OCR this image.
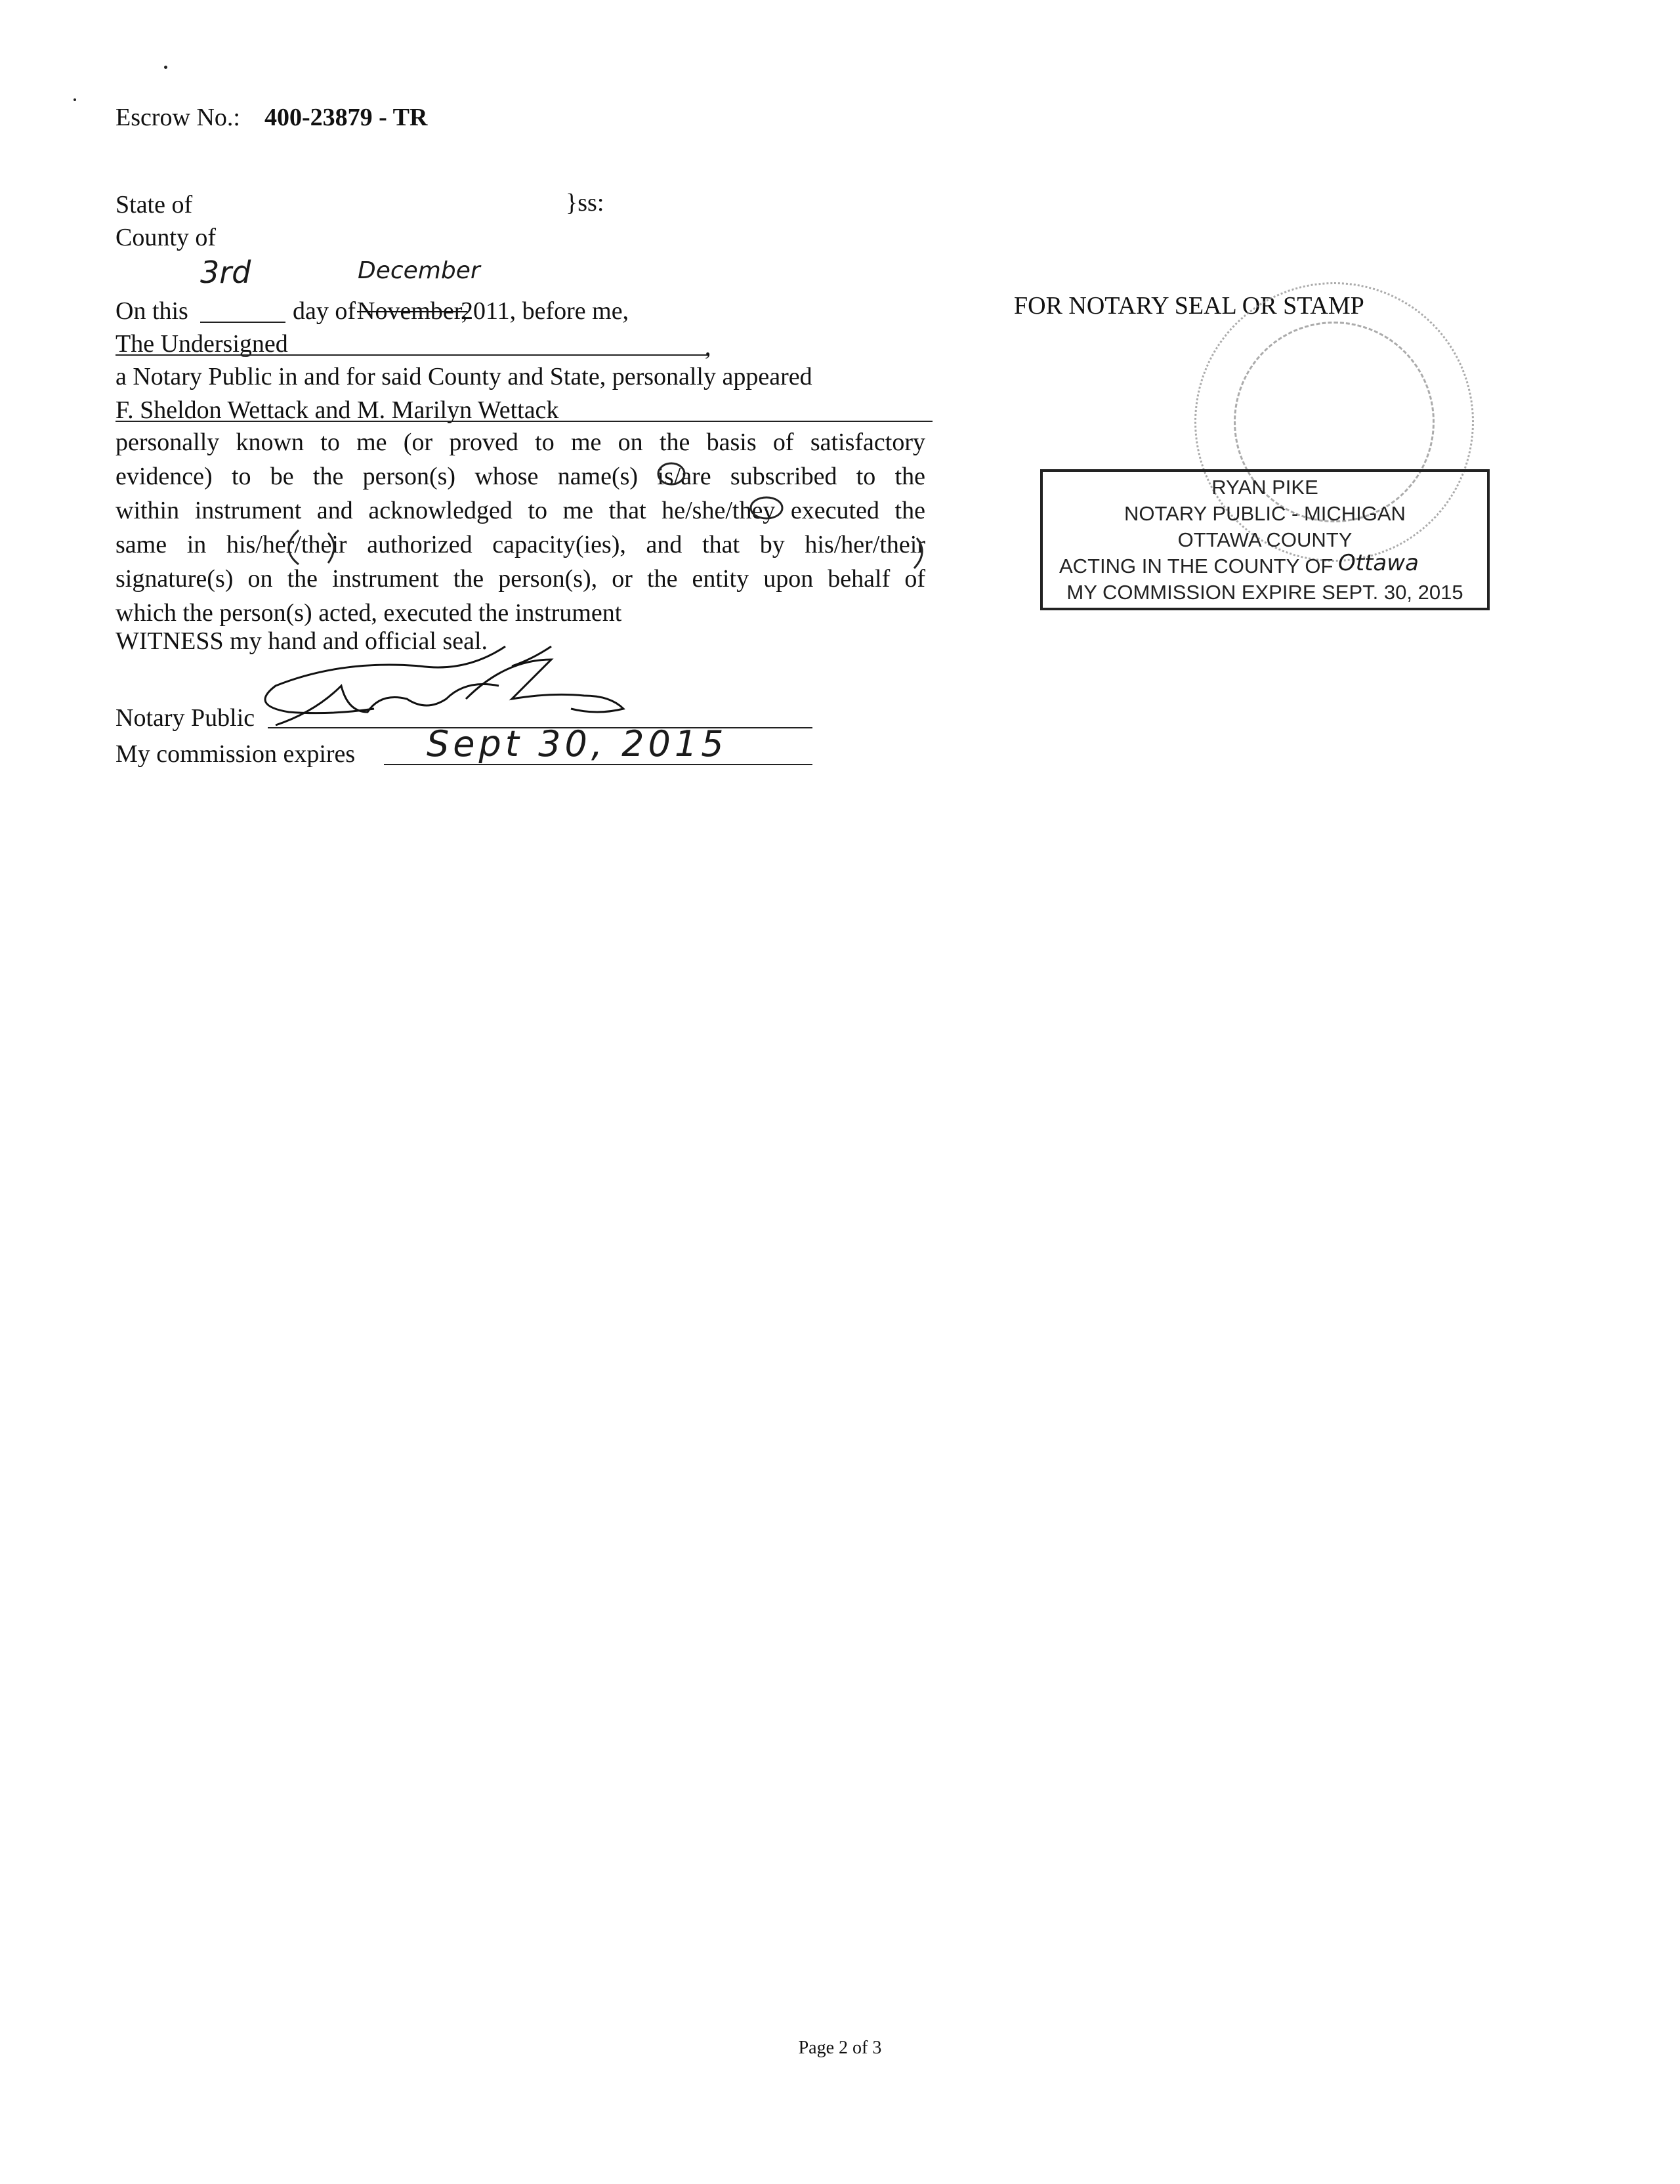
Escrow No.: 400-23879 - TR
State of	}ss:
County of
3rd	December
On this	day of November,
2011, before me,
The Undersigned	,
a Notary Public in and for said County and State, personally appeared
F. Sheldon Wettack and M. Marilyn Wettack
personally known to me (or proved to me on the basis of satisfactory
evidence) to be the person(s) whose name(s) is/are subscribed to the
within instrument and acknowledged to me that he/she/they executed the
same in his/her/their authorized capacity(ies), and that by his/her/their
signature(s) on the instrument the person(s), or the entity upon behalf of
which the person(s) acted, executed the instrument
WITNESS my hand and official seal.
Notary Public
My commission expires Sept 30, 2015
FOR NOTARY SEAL OR STAMP
RYAN PIKE
NOTARY PUBLIC - MICHIGAN
OTTAWA COUNTY
ACTING IN THE COUNTY OF Ottawa
MY COMMISSION EXPIRE SEPT. 30, 2015
Page 2 of 3
